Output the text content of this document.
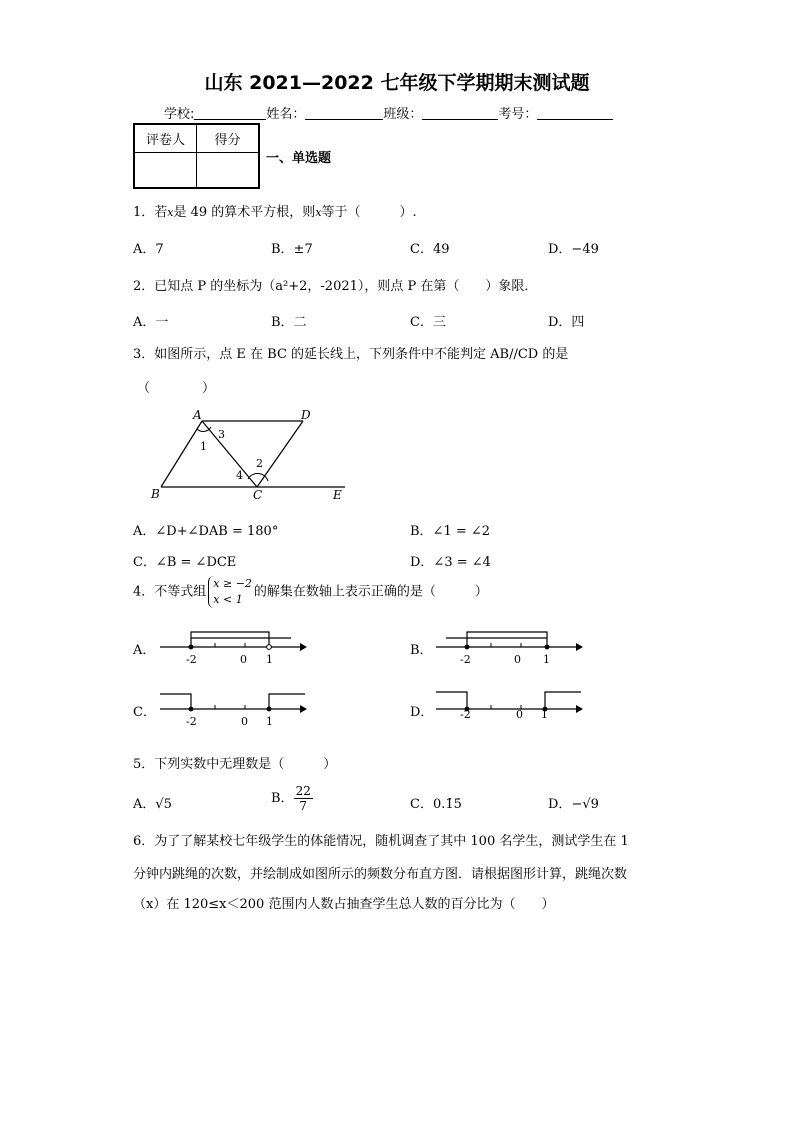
山东 2021—2022 七年级下学期期末测试题
学校:	姓名：	班级：	考号：
评卷人	得分

一、单选题
1．若x是 49 的算术平方根，则x等于（　　　）.
A．7	B．±7	C．49	D．−49
2．已知点 P 的坐标为（a²+2，-2021），则点 P 在第（　　）象限．
A．一	B．二	C．三	D．四
3．如图所示，点 E 在 BC 的延长线上，下列条件中不能判定 AB//CD 的是
（　　　　）
A
B	C
D
E
1
3
2
4
A．∠D+∠DAB = 180°	B．∠1 = ∠2
C．∠B = ∠DCE	D．∠3 = ∠4
4．不等式组
x ≥ −2
x < 1 的解集在数轴上表示正确的是（　　　）
A．
-2	0 1
B．
-2	0 1
C．
-2	0 1
D． -2	0 1
5．下列实数中无理数是（　　　）
A．√5	B． $\frac{22}{7}$	C．0.1̇5̇	D．−√9
6．为了了解某校七年级学生的体能情况，随机调查了其中 100 名学生，测试学生在 1
分钟内跳绳的次数，并绘制成如图所示的频数分布直方图．请根据图形计算，跳绳次数
（x）在 120≤x＜200 范围内人数占抽查学生总人数的百分比为（　　）
